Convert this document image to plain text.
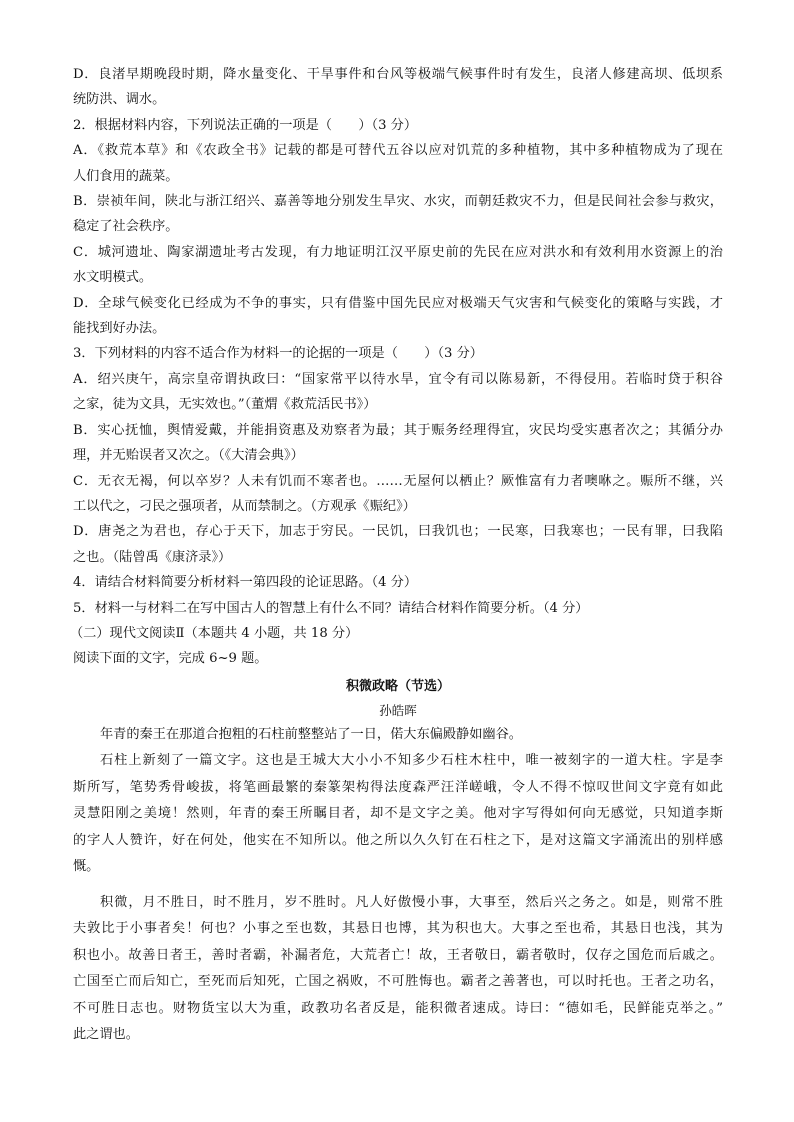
D．良渚早期晚段时期，降水量变化、干旱事件和台风等极端气候事件时有发生，良渚人修建高坝、低坝系
统防洪、调水。
2．根据材料内容，下列说法正确的一项是（　　）（3 分）
A．《救荒本草》和《农政全书》记载的都是可替代五谷以应对饥荒的多种植物，其中多种植物成为了现在
人们食用的蔬菜。
B．崇祯年间，陕北与浙江绍兴、嘉善等地分别发生旱灾、水灾，而朝廷救灾不力，但是民间社会参与救灾，
稳定了社会秩序。
C．城河遗址、陶家湖遗址考古发现，有力地证明江汉平原史前的先民在应对洪水和有效利用水资源上的治
水文明模式。
D．全球气候变化已经成为不争的事实，只有借鉴中国先民应对极端天气灾害和气候变化的策略与实践，才
能找到好办法。
3．下列材料的内容不适合作为材料一的论据的一项是（　　）（3 分）
A．绍兴庚午，高宗皇帝谓执政曰：“国家常平以待水旱，宜令有司以陈易新，不得侵用。若临时贷于积谷
之家，徒为文具，无实效也。”（董煟《救荒活民书》）
B．实心抚恤，舆情爱戴，并能捐资惠及劝察者为最；其于赈务经理得宜，灾民均受实惠者次之；其循分办
理，并无贻误者又次之。（《大清会典》）
C．无衣无褐，何以卒岁？人未有饥而不寒者也。……无屋何以栖止？厥惟富有力者噢咻之。赈所不继，兴
工以代之，刁民之强项者，从而禁制之。（方观承《赈纪》）
D．唐尧之为君也，存心于天下，加志于穷民。一民饥，曰我饥也；一民寒，曰我寒也；一民有罪，曰我陷
之也。（陆曾禹《康济录》）
4．请结合材料简要分析材料一第四段的论证思路。（4 分）
5．材料一与材料二在写中国古人的智慧上有什么不同？请结合材料作简要分析。（4 分）
（二）现代文阅读Ⅱ（本题共 4 小题，共 18 分）
阅读下面的文字，完成 6~9 题。
积微政略（节选）
孙皓晖
年青的秦王在那道合抱粗的石柱前整整站了一日，偌大东偏殿静如幽谷。
石柱上新刻了一篇文字。这也是王城大大小小不知多少石柱木柱中，唯一被刻字的一道大柱。字是李
斯所写，笔势秀骨峻拔，将笔画最繁的秦篆架构得法度森严汪洋嵯峨，令人不得不惊叹世间文字竟有如此
灵慧阳刚之美境！然则，年青的秦王所瞩目者，却不是文字之美。他对字写得如何向无感觉，只知道李斯
的字人人赞许，好在何处，他实在不知所以。他之所以久久钉在石柱之下，是对这篇文字涌流出的别样感
慨。
积微，月不胜日，时不胜月，岁不胜时。凡人好傲慢小事，大事至，然后兴之务之。如是，则常不胜
夫敦比于小事者矣！何也？小事之至也数，其悬日也博，其为积也大。大事之至也希，其悬日也浅，其为
积也小。故善日者王，善时者霸，补漏者危，大荒者亡！故，王者敬日，霸者敬时，仅存之国危而后戚之。
亡国至亡而后知亡，至死而后知死，亡国之祸败，不可胜悔也。霸者之善著也，可以时托也。王者之功名，
不可胜日志也。财物货宝以大为重，政教功名者反是，能积微者速成。诗曰：“德如毛，民鲜能克举之。”
此之谓也。
